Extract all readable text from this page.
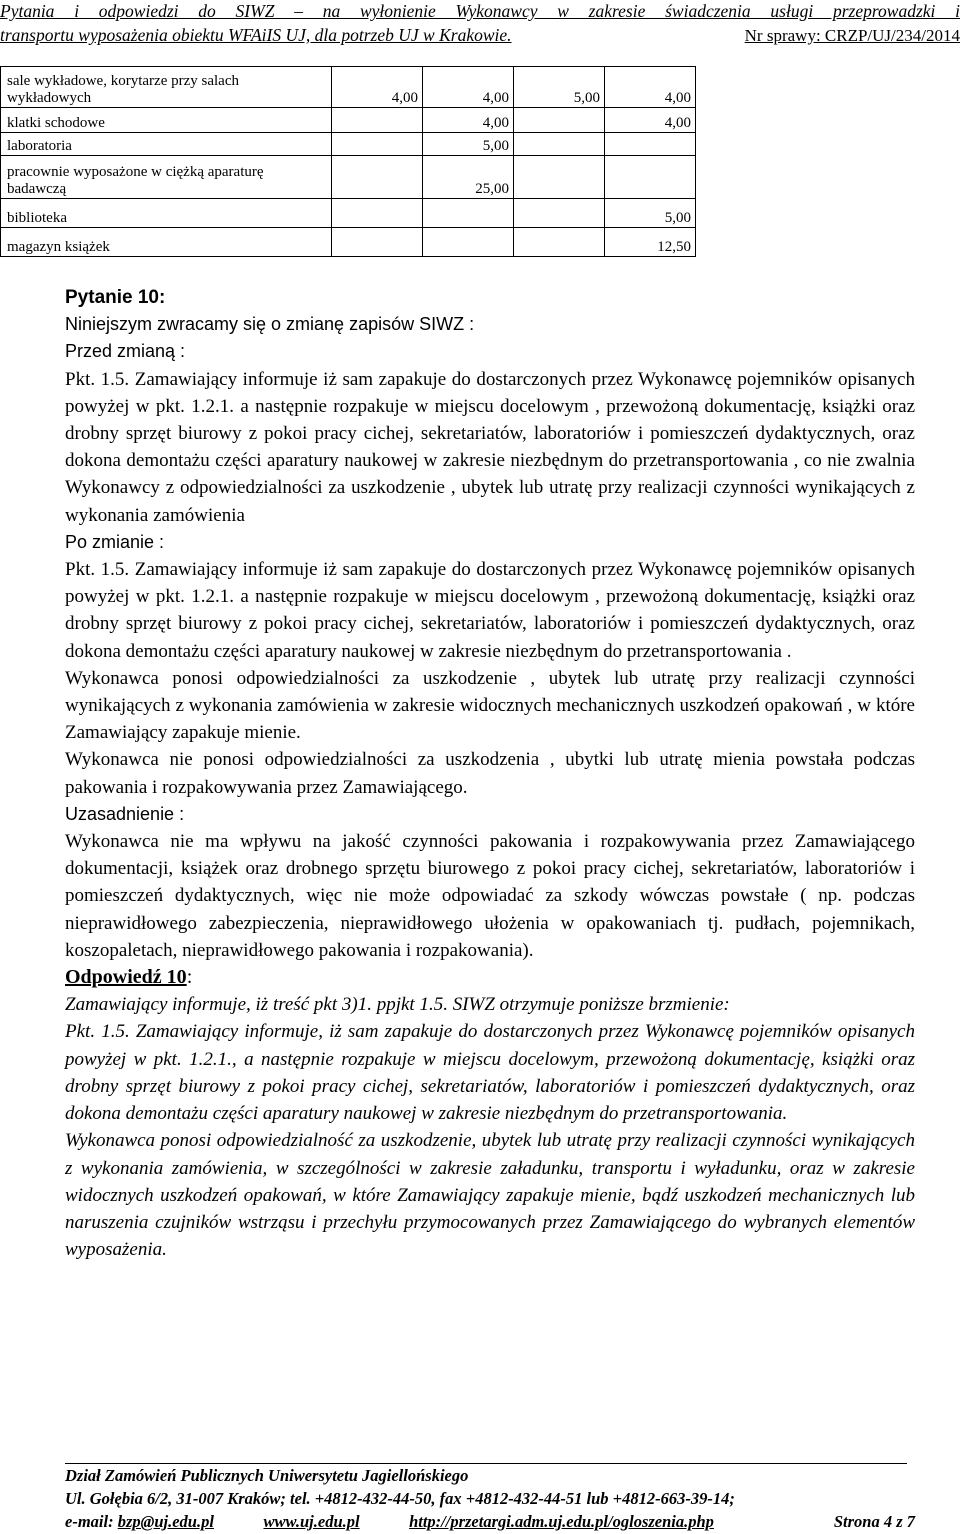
Pytania i odpowiedzi do SIWZ – na wyłonienie Wykonawcy w zakresie świadczenia usługi przeprowadzki i
transportu wyposażenia obiektu WFAiIS UJ, dla potrzeb UJ w Krakowie.	Nr sprawy: CRZP/UJ/234/2014
sale wykładowe, korytarze przy salach wykładowych	4,00	4,00	5,00	4,00
klatki schodowe		4,00		4,00
laboratoria		5,00		
pracownie wyposażone w ciężką aparaturę badawczą		25,00		
biblioteka				5,00
magazyn książek				12,50

Pytanie 10:

Niniejszym zwracamy się o zmianę zapisów SIWZ :

Przed zmianą :

Pkt. 1.5. Zamawiający informuje iż sam zapakuje do dostarczonych przez Wykonawcę pojemników opisanych powyżej w pkt. 1.2.1. a następnie rozpakuje w miejscu docelowym , przewożoną dokumentację, książki oraz drobny sprzęt biurowy z pokoi pracy cichej, sekretariatów, laboratoriów i pomieszczeń dydaktycznych, oraz dokona demontażu części aparatury naukowej w zakresie niezbędnym do przetransportowania , co nie zwalnia Wykonawcy z odpowiedzialności za uszkodzenie , ubytek lub utratę przy realizacji czynności wynikających z wykonania zamówienia

Po zmianie :

Pkt. 1.5. Zamawiający informuje iż sam zapakuje do dostarczonych przez Wykonawcę pojemników opisanych powyżej w pkt. 1.2.1. a następnie rozpakuje w miejscu docelowym , przewożoną dokumentację, książki oraz drobny sprzęt biurowy z pokoi pracy cichej, sekretariatów, laboratoriów i pomieszczeń dydaktycznych, oraz dokona demontażu części aparatury naukowej w zakresie niezbędnym do przetransportowania .

Wykonawca ponosi odpowiedzialności za uszkodzenie , ubytek lub utratę przy realizacji czynności wynikających z wykonania zamówienia w zakresie widocznych mechanicznych uszkodzeń opakowań , w które Zamawiający zapakuje mienie.

Wykonawca nie ponosi odpowiedzialności za uszkodzenia , ubytki lub utratę mienia powstała podczas pakowania i rozpakowywania przez Zamawiającego.

Uzasadnienie :

Wykonawca nie ma wpływu na jakość czynności pakowania i rozpakowywania przez Zamawiającego dokumentacji, książek oraz drobnego sprzętu biurowego z pokoi pracy cichej, sekretariatów, laboratoriów i pomieszczeń dydaktycznych, więc nie może odpowiadać za szkody wówczas powstałe ( np. podczas nieprawidłowego zabezpieczenia, nieprawidłowego ułożenia w opakowaniach tj. pudłach, pojemnikach, koszopaletach, nieprawidłowego pakowania i rozpakowania).

Odpowiedź 10:

Zamawiający informuje, iż treść pkt 3)1. ppjkt 1.5. SIWZ otrzymuje poniższe brzmienie:

Pkt. 1.5. Zamawiający informuje, iż sam zapakuje do dostarczonych przez Wykonawcę pojemników opisanych powyżej w pkt. 1.2.1., a następnie rozpakuje w miejscu docelowym, przewożoną dokumentację, książki oraz drobny sprzęt biurowy z pokoi pracy cichej, sekretariatów, laboratoriów i pomieszczeń dydaktycznych, oraz dokona demontażu części aparatury naukowej w zakresie niezbędnym do przetransportowania.

Wykonawca ponosi odpowiedzialność za uszkodzenie, ubytek lub utratę przy realizacji czynności wynikających z wykonania zamówienia, w szczególności w zakresie załadunku, transportu i wyładunku, oraz w zakresie widocznych uszkodzeń opakowań, w które Zamawiający zapakuje mienie, bądź uszkodzeń mechanicznych lub naruszenia czujników wstrząsu i przechyłu przymocowanych przez Zamawiającego do wybranych elementów wyposażenia.

Dział Zamówień Publicznych Uniwersytetu Jagiellońskiego

Ul. Gołębia 6/2, 31-007 Kraków; tel. +4812-432-44-50, fax +4812-432-44-51 lub +4812-663-39-14;

e-mail: bzp@uj.edu.pl	www.uj.edu.pl	http://przetargi.adm.uj.edu.pl/ogloszenia.php	Strona 4 z 7
